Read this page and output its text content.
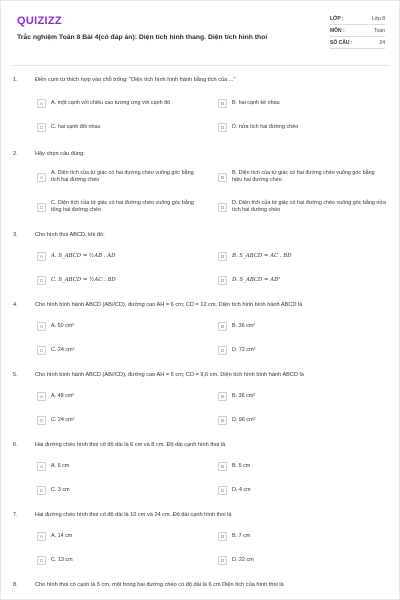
QUIZIZZ
Trắc nghiệm Toán 8 Bài 4(có đáp án): Diện tích hình thang. Diện tích hình thoi
LỚP :	Lớp 8
MÔN :	Toán
SỐ CÂU :	24
1.	Điền cụm từ thích hợp vào chỗ trống: "Diện tích hình hình hành bằng tích của ..."
A	A. một cạnh với chiều cao tương ứng với cạnh đó	B	B. hai cạnh kề nhau
C	C. hai cạnh đối nhau	D	D. nửa tích hai đường chéo
2.	Hãy chọn câu đúng:
A
A. Diện tích của tứ giác có hai đường chéo vuông góc bằng tích hai đường chéo	B
B. Diện tích của tứ giác có hai đường chéo vuông góc bằng hiệu hai đường chéo
C
C. Diện tích của tứ giác có hai đường chéo vuông góc bằng tổng hai đường chéo	D
D. Diện tích của tứ giác có hai đường chéo vuông góc bằng nửa tích hai đường chéo
3.	Cho hình thoi ABCD, khi đó:
A	A. S_ABCD = ½AB . AD	B	B. S_ABCD = AC . BD
C	C. S_ABCD = ½AC . BD	D	D. S_ABCD = AB²
4.	Cho hình bình hành ABCD (AB//CD), đường cao AH = 6 cm; CD = 12 cm. Diện tích hình bình hành ABCD là
A	A. 50 cm²	B	B. 36 cm²
C	C. 24 cm²	D	D. 72 cm²
5.	Cho hình bình hành ABCD (AB//CD), đường cao AH = 5 cm; CD = 9,6 cm. Diện tích hình bình hành ABCD là
A	A. 48 cm²	B	B. 36 cm²
C	C. 24 cm²	D	D. 96 cm²
6.	Hai đường chéo hình thoi có độ dài là 6 cm và 8 cm. Độ dài cạnh hình thoi là
A	A. 6 cm	B	B. 5 cm
C	C. 3 cm	D	D. 4 cm
7.	Hai đường chéo hình thoi có độ dài là 10 cm và 24 cm. Độ dài cạnh hình thoi là
A	A. 14 cm	B	B. 7 cm
C	C. 13 cm	D	D. 22 cm
8.	Cho hình thoi có cạnh là 5 cm, một trong hai đường chéo có độ dài là 6 cm Diện tích của hình thoi là
